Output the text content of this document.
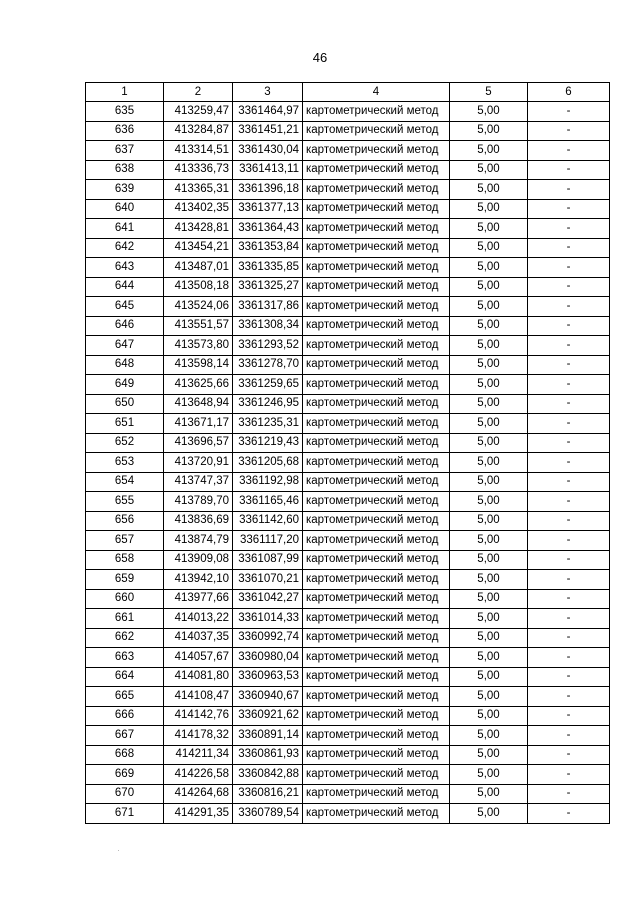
46
1	2	3	4	5	6
635	413259,47	3361464,97	картометрический метод	5,00	-
636	413284,87	3361451,21	картометрический метод	5,00	-
637	413314,51	3361430,04	картометрический метод	5,00	-
638	413336,73	3361413,11	картометрический метод	5,00	-
639	413365,31	3361396,18	картометрический метод	5,00	-
640	413402,35	3361377,13	картометрический метод	5,00	-
641	413428,81	3361364,43	картометрический метод	5,00	-
642	413454,21	3361353,84	картометрический метод	5,00	-
643	413487,01	3361335,85	картометрический метод	5,00	-
644	413508,18	3361325,27	картометрический метод	5,00	-
645	413524,06	3361317,86	картометрический метод	5,00	-
646	413551,57	3361308,34	картометрический метод	5,00	-
647	413573,80	3361293,52	картометрический метод	5,00	-
648	413598,14	3361278,70	картометрический метод	5,00	-
649	413625,66	3361259,65	картометрический метод	5,00	-
650	413648,94	3361246,95	картометрический метод	5,00	-
651	413671,17	3361235,31	картометрический метод	5,00	-
652	413696,57	3361219,43	картометрический метод	5,00	-
653	413720,91	3361205,68	картометрический метод	5,00	-
654	413747,37	3361192,98	картометрический метод	5,00	-
655	413789,70	3361165,46	картометрический метод	5,00	-
656	413836,69	3361142,60	картометрический метод	5,00	-
657	413874,79	3361117,20	картометрический метод	5,00	-
658	413909,08	3361087,99	картометрический метод	5,00	-
659	413942,10	3361070,21	картометрический метод	5,00	-
660	413977,66	3361042,27	картометрический метод	5,00	-
661	414013,22	3361014,33	картометрический метод	5,00	-
662	414037,35	3360992,74	картометрический метод	5,00	-
663	414057,67	3360980,04	картометрический метод	5,00	-
664	414081,80	3360963,53	картометрический метод	5,00	-
665	414108,47	3360940,67	картометрический метод	5,00	-
666	414142,76	3360921,62	картометрический метод	5,00	-
667	414178,32	3360891,14	картометрический метод	5,00	-
668	414211,34	3360861,93	картометрический метод	5,00	-
669	414226,58	3360842,88	картометрический метод	5,00	-
670	414264,68	3360816,21	картометрический метод	5,00	-
671	414291,35	3360789,54	картометрический метод	5,00	-
